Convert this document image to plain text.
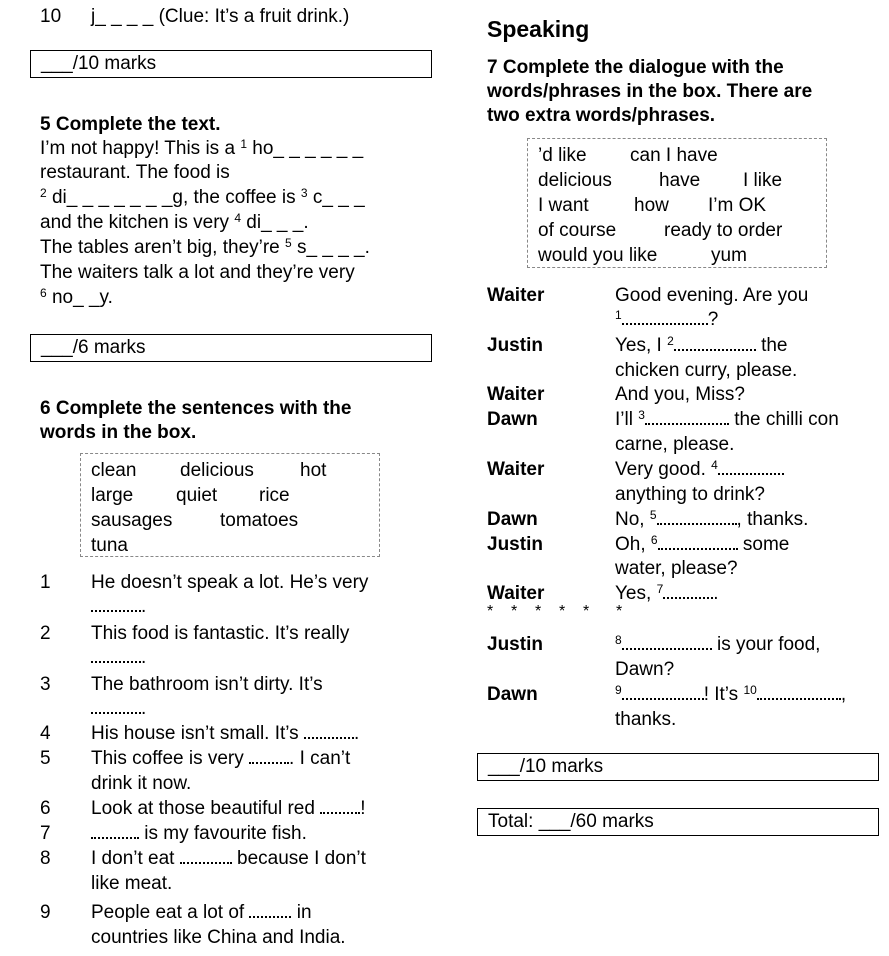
10 j_ _ _ _ (Clue: It’s a fruit drink.)
___/10 marks
5 Complete the text.
I’m not happy! This is a $^1$ ho_ _ _ _ _ _
restaurant. The food is
$^2$ di_ _ _ _ _ _ _g, the coffee is $^3$ c_ _ _
and the kitchen is very $^4$ di_ _ _.
The tables aren’t big, they’re $^5$ s_ _ _ _.
The waiters talk a lot and they’re very
$^6$ no_ _y.
___/6 marks
6 Complete the sentences with the
words in the box.
clean delicious hot
large quiet rice
sausages	tomatoes
tuna
1 He doesn’t speak a lot. He’s very
.
2 This food is fantastic. It’s really
.
3 The bathroom isn’t dirty. It’s
.
4 His house isn’t small. It’s	.
5 This coffee is very . I can’t
drink it now.
6 Look at those beautiful red !
7	is my favourite fish.
8 I don’t eat	because I don’t
like meat.
9 People eat a lot of  in
countries like China and India.
Speaking
7 Complete the dialogue with the
words/phrases in the box. There are
two extra words/phrases.
’d like can I have
delicious have I like
I want how I’m OK
of course	ready to order
would you like	yum
Waiter	Good evening. Are you
$^1$	?
Justin	Yes, I $^2$	the
chicken curry, please.
Waiter	And you, Miss?
Dawn	I’ll $^3$	the chilli con
carne, please.
Waiter	Very good. $^4$
anything to drink?
Dawn	No, $^5$	, thanks.
Justin	Oh, $^6$	some
water, please?
Waiter	Yes, $^7$	.
* * * * * *
Justin	$^8$	is your food,
Dawn?
Dawn	$^9$	! It’s $^{10}$	,
thanks.
___/10 marks
Total: ___/60 marks
